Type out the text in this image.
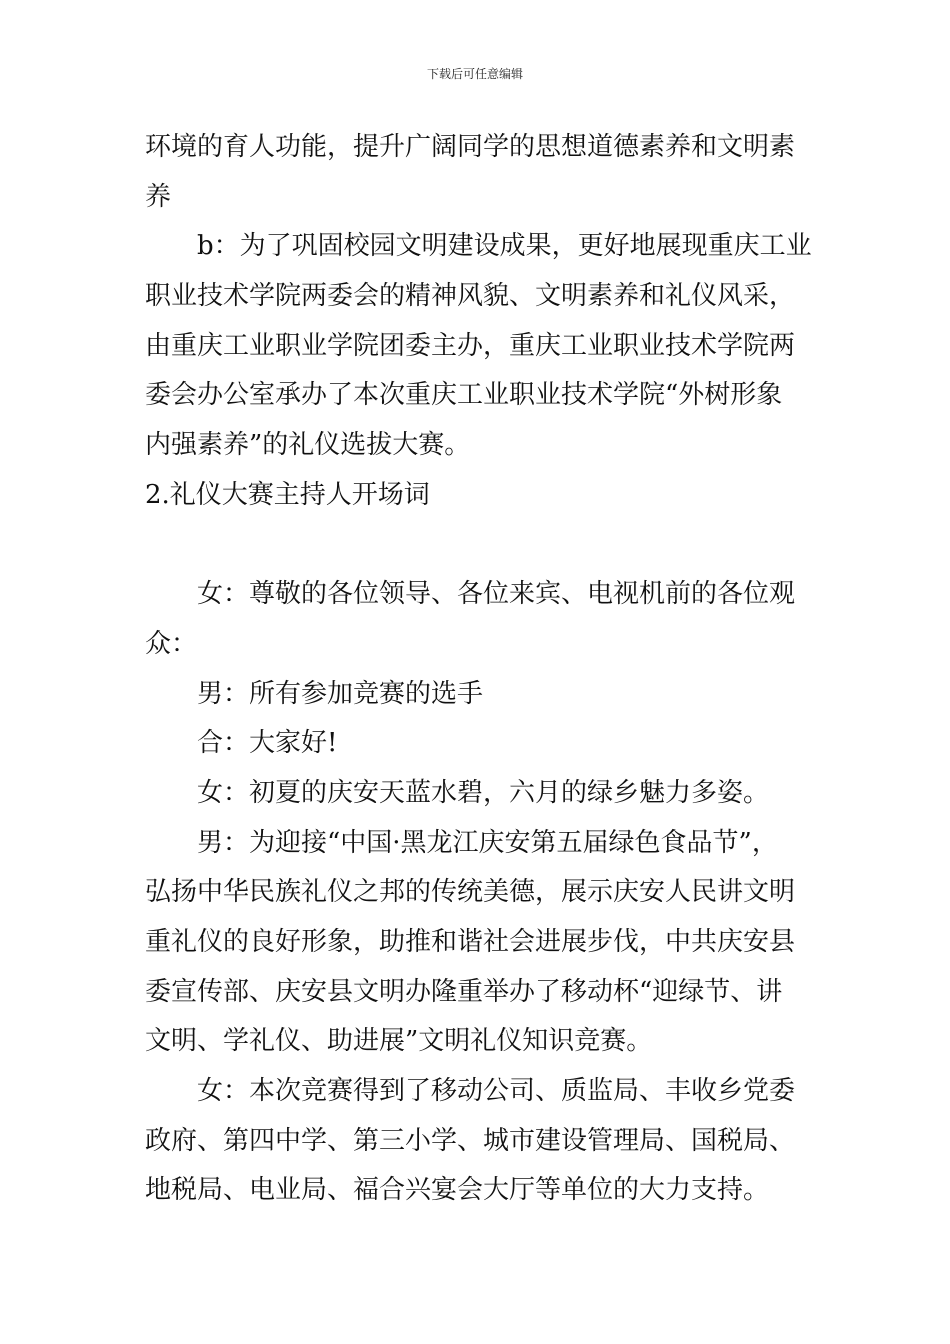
下载后可任意编辑
环境的育人功能，提升广阔同学的思想道德素养和文明素
养
b：为了巩固校园文明建设成果，更好地展现重庆工业
职业技术学院两委会的精神风貌、文明素养和礼仪风采，
由重庆工业职业学院团委主办，重庆工业职业技术学院两
委会办公室承办了本次重庆工业职业技术学院“外树形象
内强素养”的礼仪选拔大赛。
2.礼仪大赛主持人开场词
女：尊敬的各位领导、各位来宾、电视机前的各位观
众：
男：所有参加竞赛的选手
合：大家好!
女：初夏的庆安天蓝水碧，六月的绿乡魅力多姿。
男：为迎接“中国·黑龙江庆安第五届绿色食品节”，
弘扬中华民族礼仪之邦的传统美德，展示庆安人民讲文明
重礼仪的良好形象，助推和谐社会进展步伐，中共庆安县
委宣传部、庆安县文明办隆重举办了移动杯“迎绿节、讲
文明、学礼仪、助进展”文明礼仪知识竞赛。
女：本次竞赛得到了移动公司、质监局、丰收乡党委
政府、第四中学、第三小学、城市建设管理局、国税局、
地税局、电业局、福合兴宴会大厅等单位的大力支持。
